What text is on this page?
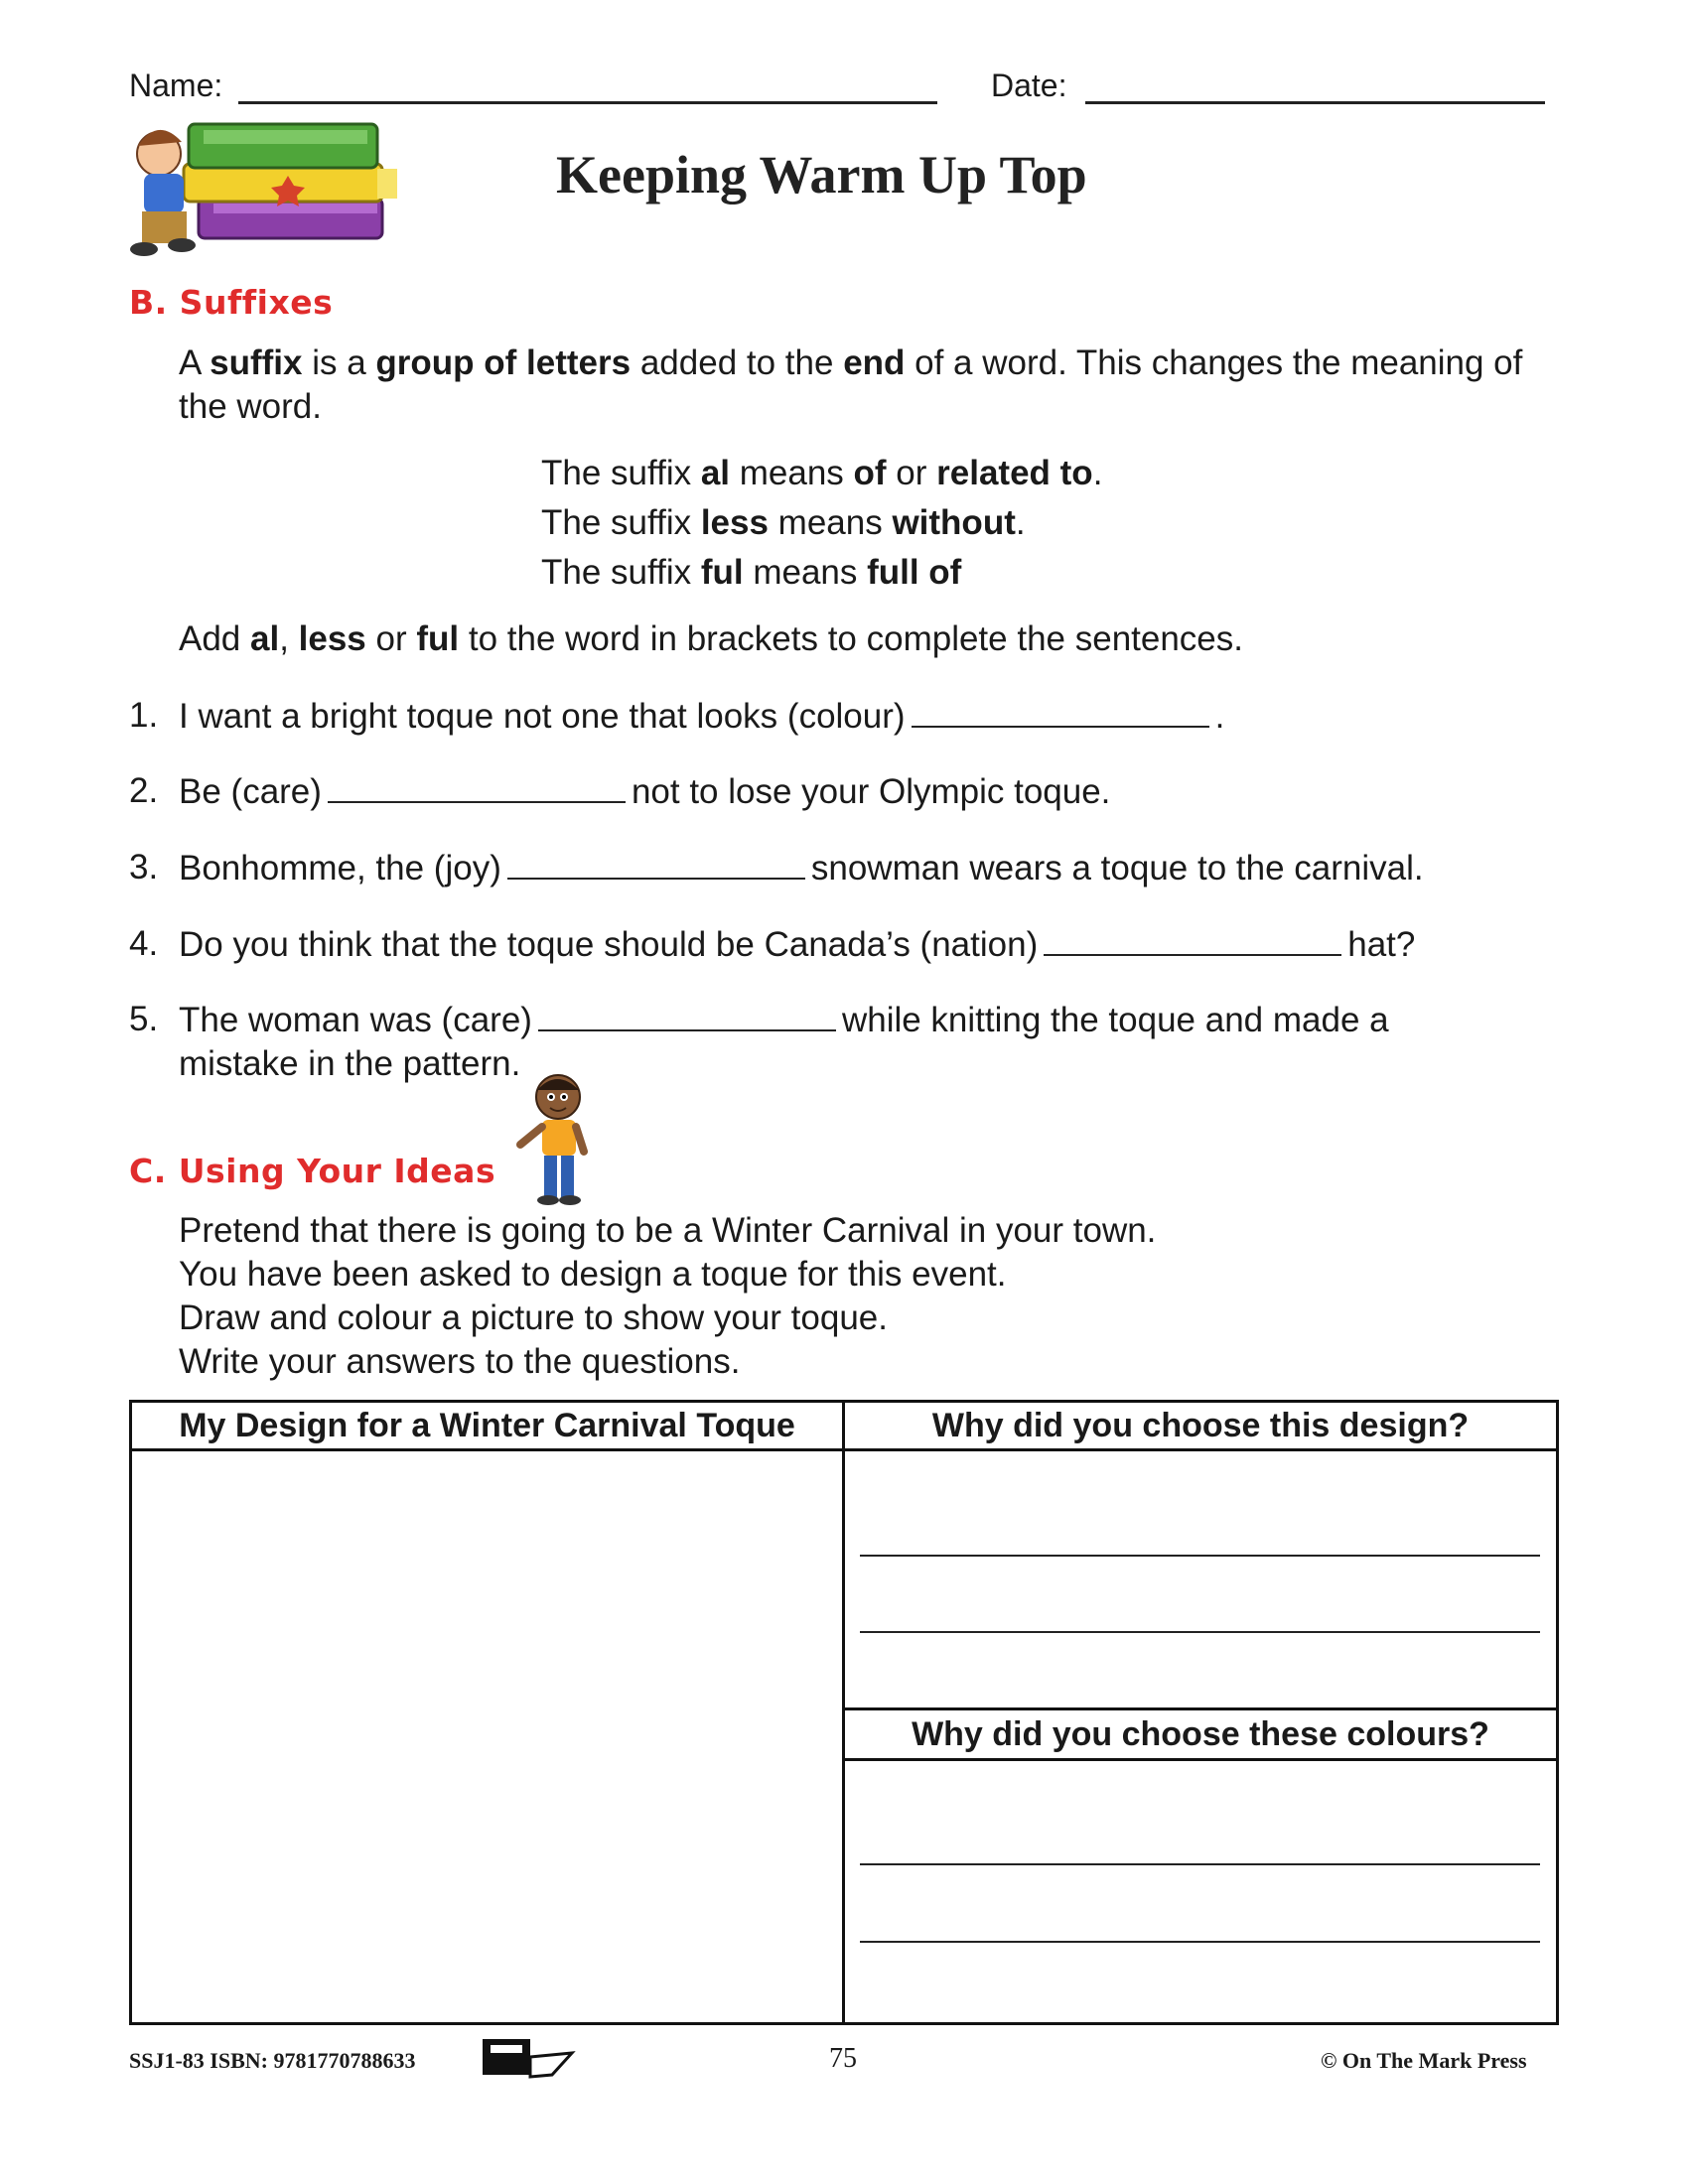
Name:	Date:
Keeping Warm Up Top
B. Suffixes
A suffix is a group of letters added to the end of a word. This changes the meaning of the word.
The suffix al means of or related to.
The suffix less means without.
The suffix ful means full of
Add al, less or ful to the word in brackets to complete the sentences.
1. I want a bright toque not one that looks (colour)	.
2. Be (care)	not to lose your Olympic toque.
3. Bonhomme, the (joy)	snowman wears a toque to the carnival.
4. Do you think that the toque should be Canada’s (nation)	hat?
5. The woman was (care)	while knitting the toque and made a
mistake in the pattern.
C. Using Your Ideas
Pretend that there is going to be a Winter Carnival in your town.
You have been asked to design a toque for this event.
Draw and colour a picture to show your toque.
Write your answers to the questions.
My Design for a Winter Carnival Toque	Why did you choose this design?
Why did you choose these colours?
SSJ1-83 ISBN: 9781770788633	75	© On The Mark Press
